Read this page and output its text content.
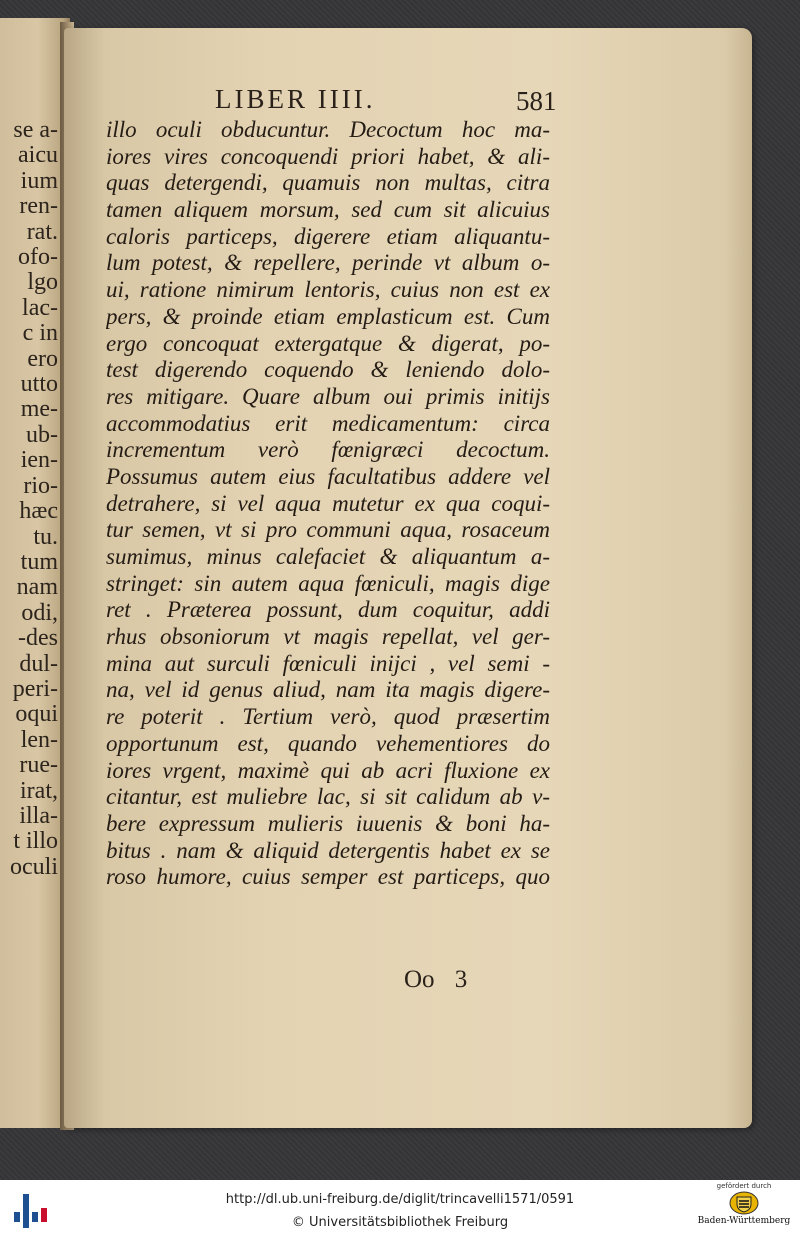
se a-
aicu
ium
ren-
rat.
ofo-
lgo
lac-
c in
ero
utto
me-
ub-
ien-
rio-
hæc
tu.
tum
nam
odi,
-des
dul-
peri-
oqui
len-
rue-
irat,
illa-
t illo
oculi
LIBER IIII.	581
illo oculi obducuntur. Decoctum hoc ma-
iores vires concoquendi priori habet, & ali-
quas detergendi, quamuis non multas, citra
tamen aliquem morsum, sed cum sit alicuius
caloris particeps, digerere etiam aliquantu-
lum potest, & repellere, perinde vt album o-
ui, ratione nimirum lentoris, cuius non est ex
pers, & proinde etiam emplasticum est. Cum
ergo concoquat extergatque & digerat, po-
test digerendo coquendo & leniendo dolo-
res mitigare. Quare album oui primis initijs
accommodatius erit medicamentum: circa
incrementum verò fœnigræci decoctum.
Possumus autem eius facultatibus addere vel
detrahere, si vel aqua mutetur ex qua coqui-
tur semen, vt si pro communi aqua, rosaceum
sumimus, minus calefaciet & aliquantum a-
stringet: sin autem aqua fœniculi, magis dige
ret . Præterea possunt, dum coquitur, addi
rhus obsoniorum vt magis repellat, vel ger-
mina aut surculi fœniculi inijci , vel semi -
na, vel id genus aliud, nam ita magis digere-
re poterit . Tertium verò, quod præsertim
opportunum est, quando vehementiores do
iores vrgent, maximè qui ab acri fluxione ex
citantur, est muliebre lac, si sit calidum ab v-
bere expressum mulieris iuuenis & boni ha-
bitus . nam & aliquid detergentis habet ex se
roso humore, cuius semper est particeps, quo
Oo 3
http://dl.ub.uni-freiburg.de/diglit/trincavelli1571/0591
© Universitätsbibliothek Freiburg
gefördert durch
Baden-Württemberg
